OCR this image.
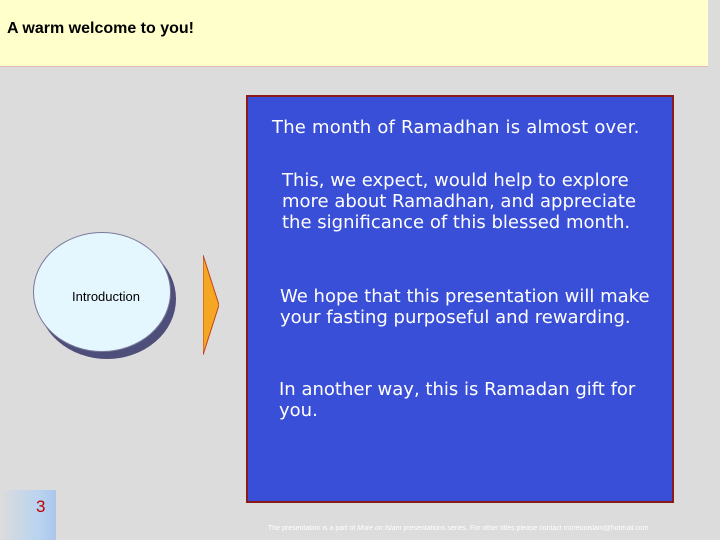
A warm welcome to you!
The month of Ramadhan is almost over.
This, we expect, would help to explore more about Ramadhan, and appreciate the significance of this blessed month.
We hope that this presentation will make your fasting purposeful and rewarding.
In another way, this is Ramadan gift for you.
Introduction
3
The presentation is a part of More on Islam presentations series. For other titles please contact moreonislam@hotmail.com
